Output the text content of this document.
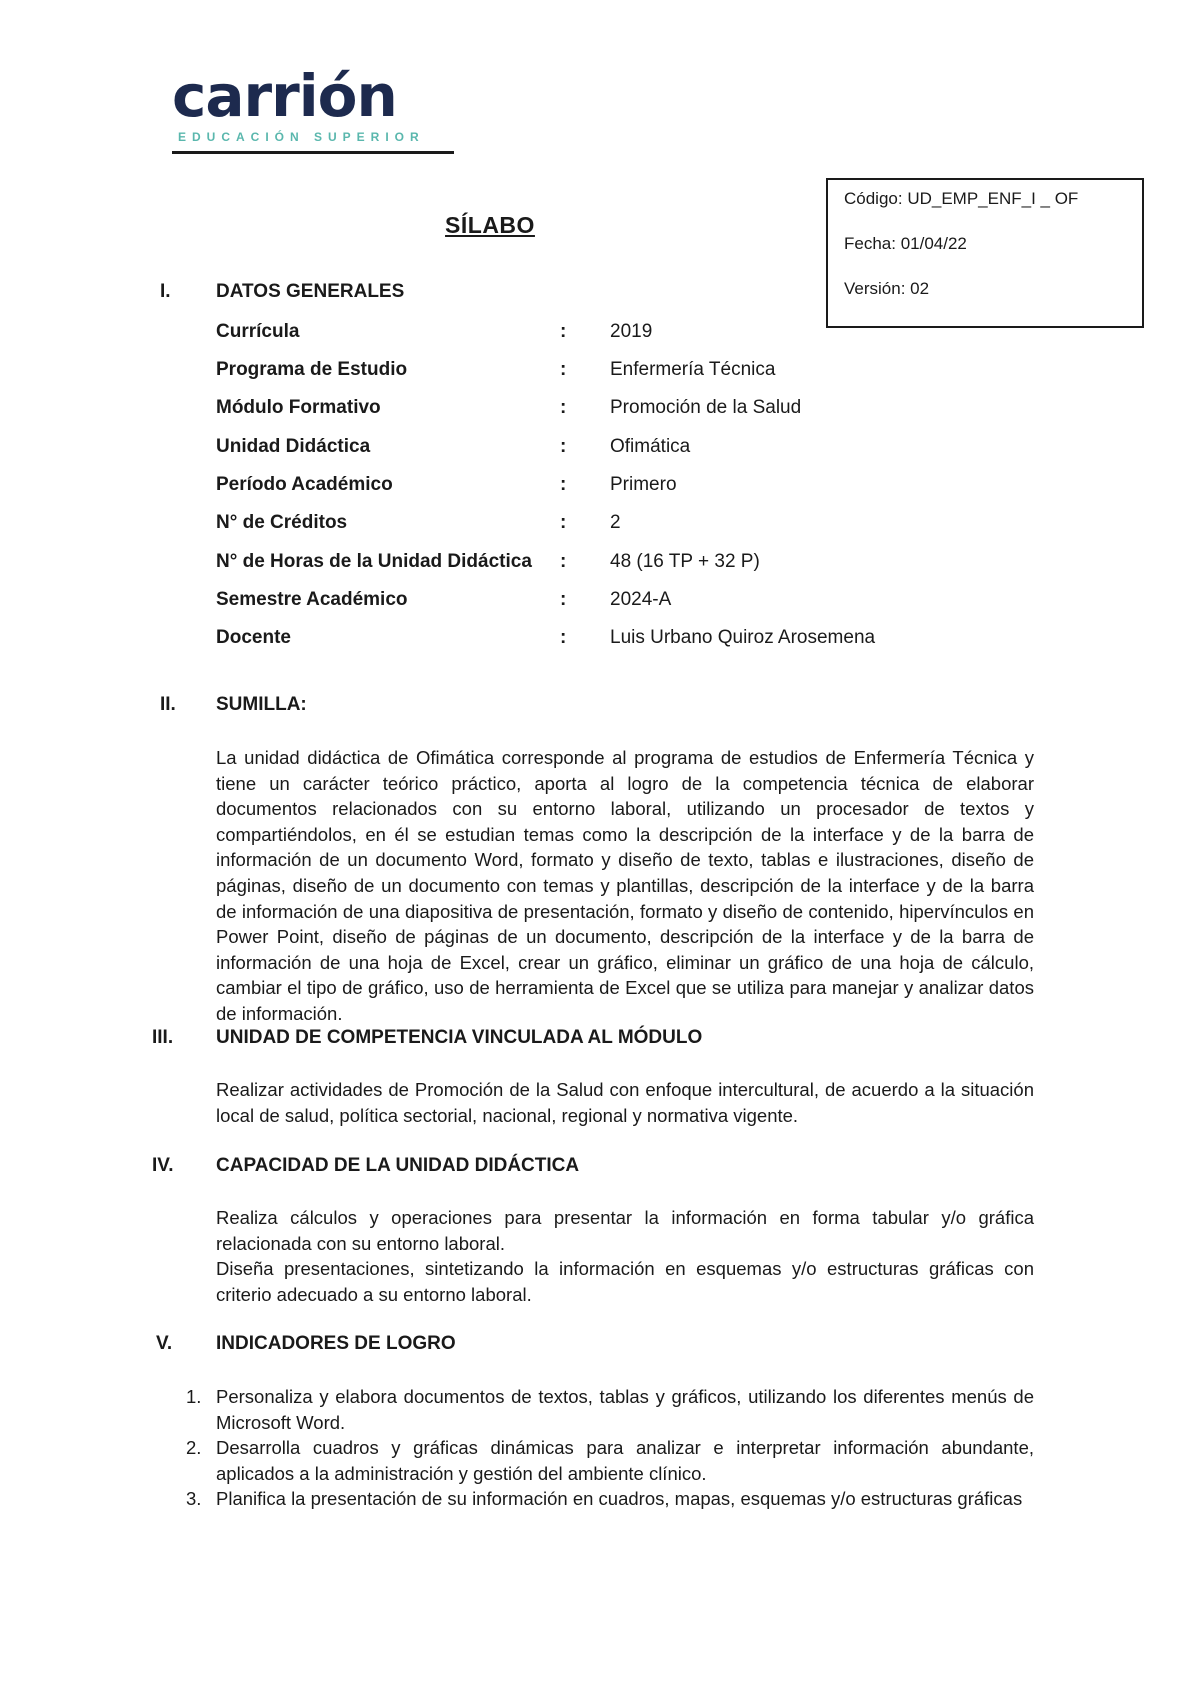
carrión
EDUCACIÓN SUPERIOR
Código: UD_EMP_ENF_I _ OF
Fecha: 01/04/22
Versión: 02
SÍLABO
I. DATOS GENERALES
Currícula	: 2019
Programa de Estudio	: Enfermería Técnica
Módulo Formativo	: Promoción de la Salud
Unidad Didáctica	: Ofimática
Período Académico	: Primero
N° de Créditos	: 2
N° de Horas de la Unidad Didáctica : 48 (16 TP + 32 P)
Semestre Académico	: 2024-A
Docente	: Luis Urbano Quiroz Arosemena
II. SUMILLA:
La unidad didáctica de Ofimática corresponde al programa de estudios de Enfermería Técnica y tiene un carácter teórico práctico, aporta al logro de la competencia técnica de elaborar documentos relacionados con su entorno laboral, utilizando un procesador de textos y compartiéndolos, en él se estudian temas como la descripción de la interface y de la barra de información de un documento Word, formato y diseño de texto, tablas e ilustraciones, diseño de páginas, diseño de un documento con temas y plantillas, descripción de la interface y de la barra de información de una diapositiva de presentación, formato y diseño de contenido, hipervínculos en Power Point, diseño de páginas de un documento, descripción de la interface y de la barra de información de una hoja de Excel, crear un gráfico, eliminar un gráfico de una hoja de cálculo, cambiar el tipo de gráfico, uso de herramienta de Excel que se utiliza para manejar y analizar datos de información.
III. UNIDAD DE COMPETENCIA VINCULADA AL MÓDULO
Realizar actividades de Promoción de la Salud con enfoque intercultural, de acuerdo a la situación local de salud, política sectorial, nacional, regional y normativa vigente.
IV. CAPACIDAD DE LA UNIDAD DIDÁCTICA
Realiza cálculos y operaciones para presentar la información en forma tabular y/o gráfica relacionada con su entorno laboral.
Diseña presentaciones, sintetizando la información en esquemas y/o estructuras gráficas con criterio adecuado a su entorno laboral.
V. INDICADORES DE LOGRO
1. Personaliza y elabora documentos de textos, tablas y gráficos, utilizando los diferentes menús de Microsoft Word.
2. Desarrolla cuadros y gráficas dinámicas para analizar e interpretar información abundante, aplicados a la administración y gestión del ambiente clínico.
3. Planifica la presentación de su información en cuadros, mapas, esquemas y/o estructuras gráficas
